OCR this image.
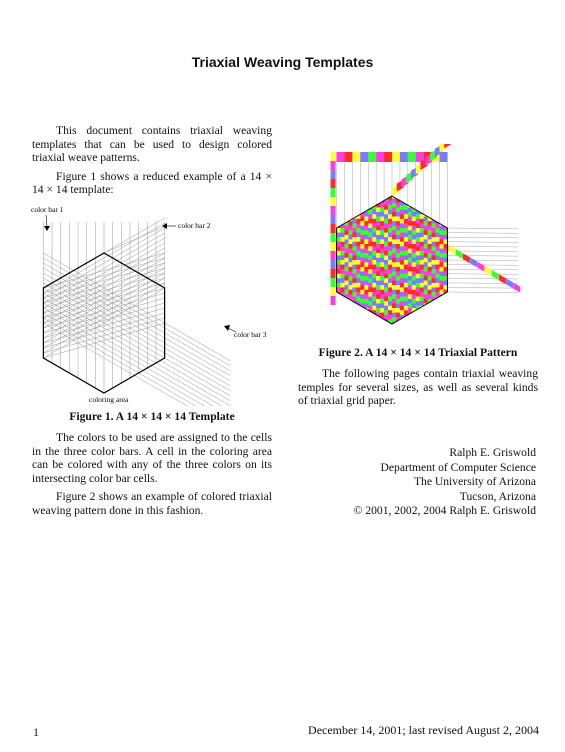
Triaxial Weaving Templates

This document contains triaxial weaving templates that can be used to design colored triaxial weave patterns.

Figure 1 shows a reduced example of a 14 × 14 × 14 template:

color bar 1
color bar 2
color bar 3
coloring area
Figure 1. A 14 × 14 × 14 Template

The colors to be used are assigned to the cells in the three color bars. A cell in the coloring area can be colored with any of the three colors on its intersecting color bar cells.

Figure 2 shows an example of colored triaxial weaving pattern done in this fashion.

Figure 2. A 14 × 14 × 14 Triaxial Pattern

The following pages contain triaxial weaving temples for several sizes, as well as several kinds of triaxial grid paper.

Ralph E. Griswold
Department of Computer Science
The University of Arizona
Tucson, Arizona
© 2001, 2002, 2004 Ralph E. Griswold
1	December 14, 2001; last revised August 2, 2004
